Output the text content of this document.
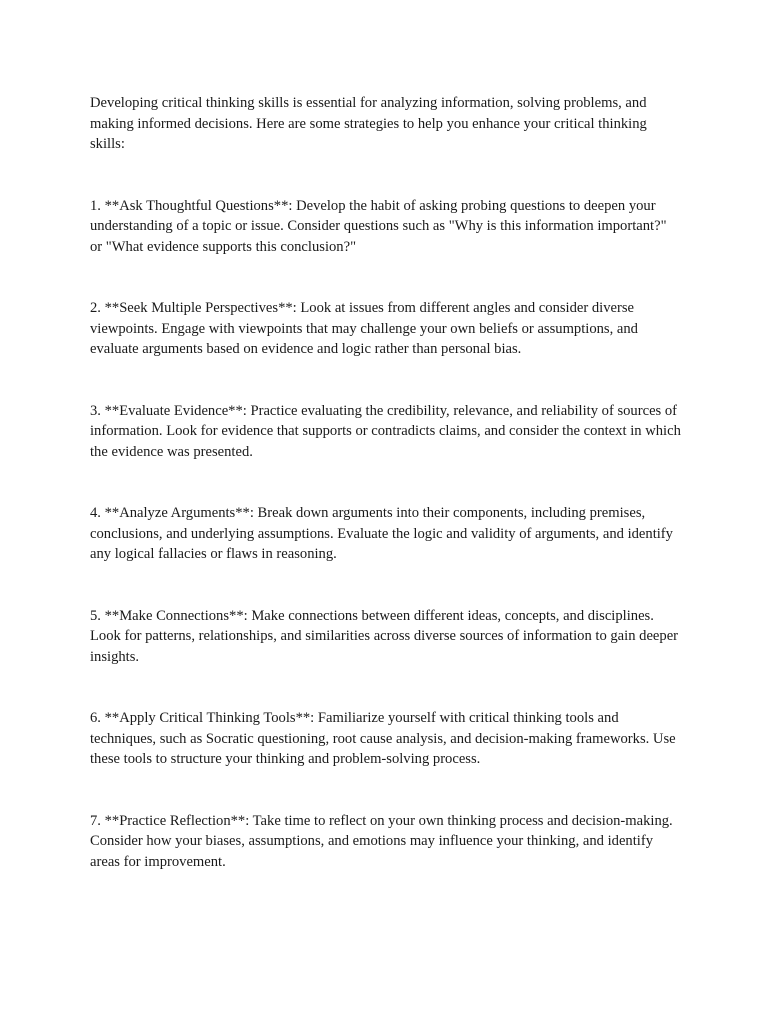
Developing critical thinking skills is essential for analyzing information, solving problems, and making informed decisions. Here are some strategies to help you enhance your critical thinking skills:

1. **Ask Thoughtful Questions**: Develop the habit of asking probing questions to deepen your understanding of a topic or issue. Consider questions such as "Why is this information important?" or "What evidence supports this conclusion?"

2. **Seek Multiple Perspectives**: Look at issues from different angles and consider diverse viewpoints. Engage with viewpoints that may challenge your own beliefs or assumptions, and evaluate arguments based on evidence and logic rather than personal bias.

3. **Evaluate Evidence**: Practice evaluating the credibility, relevance, and reliability of sources of information. Look for evidence that supports or contradicts claims, and consider the context in which the evidence was presented.

4. **Analyze Arguments**: Break down arguments into their components, including premises, conclusions, and underlying assumptions. Evaluate the logic and validity of arguments, and identify any logical fallacies or flaws in reasoning.

5. **Make Connections**: Make connections between different ideas, concepts, and disciplines. Look for patterns, relationships, and similarities across diverse sources of information to gain deeper insights.

6. **Apply Critical Thinking Tools**: Familiarize yourself with critical thinking tools and techniques, such as Socratic questioning, root cause analysis, and decision-making frameworks. Use these tools to structure your thinking and problem-solving process.

7. **Practice Reflection**: Take time to reflect on your own thinking process and decision-making. Consider how your biases, assumptions, and emotions may influence your thinking, and identify areas for improvement.
